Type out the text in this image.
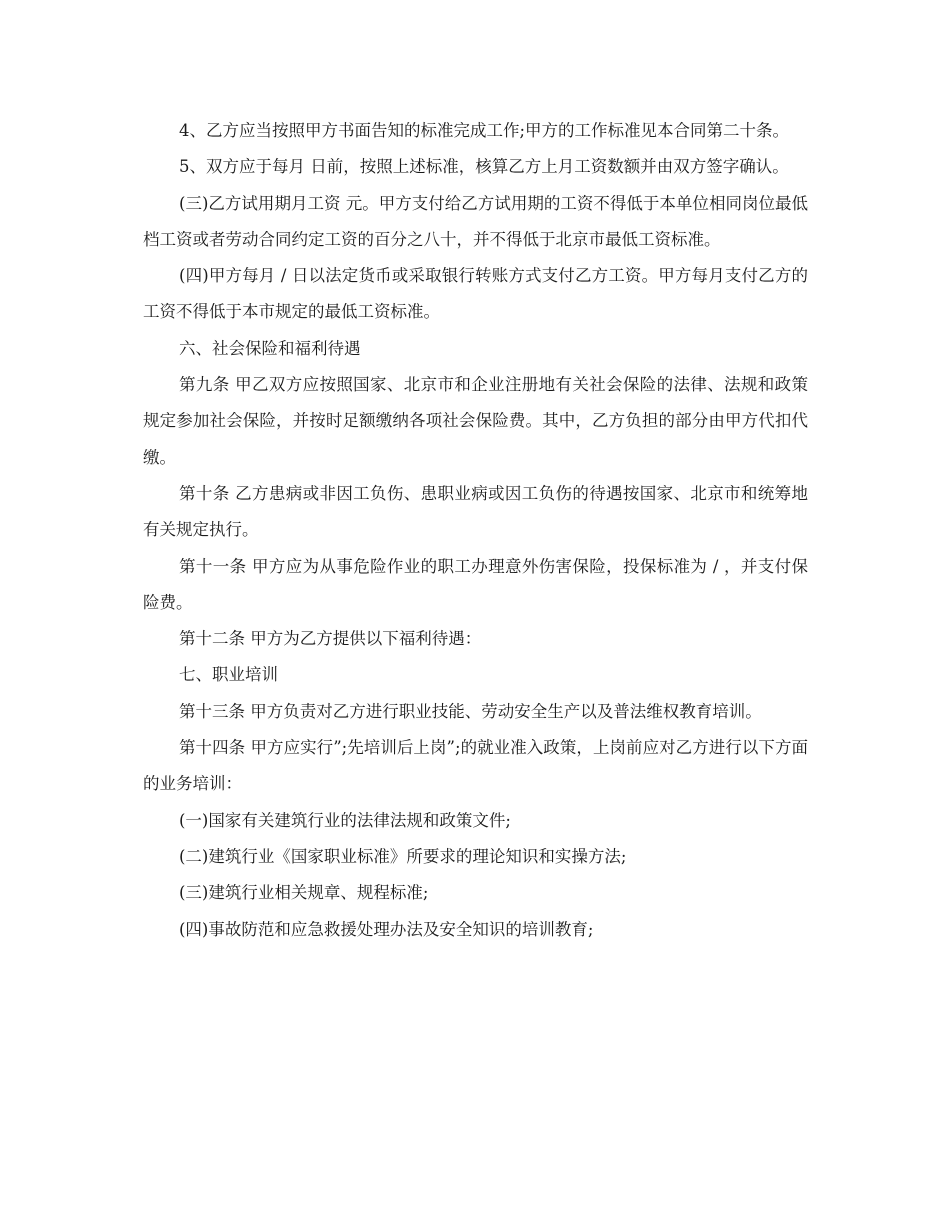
4、乙方应当按照甲方书面告知的标准完成工作;甲方的工作标准见本合同第二十条。

5、双方应于每月 日前，按照上述标准，核算乙方上月工资数额并由双方签字确认。

(三)乙方试用期月工资 元。甲方支付给乙方试用期的工资不得低于本单位相同岗位最低档工资或者劳动合同约定工资的百分之八十，并不得低于北京市最低工资标准。

(四)甲方每月 / 日以法定货币或采取银行转账方式支付乙方工资。甲方每月支付乙方的工资不得低于本市规定的最低工资标准。

六、社会保险和福利待遇

第九条 甲乙双方应按照国家、北京市和企业注册地有关社会保险的法律、法规和政策规定参加社会保险，并按时足额缴纳各项社会保险费。其中，乙方负担的部分由甲方代扣代缴。

第十条 乙方患病或非因工负伤、患职业病或因工负伤的待遇按国家、北京市和统筹地有关规定执行。

第十一条 甲方应为从事危险作业的职工办理意外伤害保险，投保标准为 / ，并支付保险费。

第十二条 甲方为乙方提供以下福利待遇：

七、职业培训

第十三条 甲方负责对乙方进行职业技能、劳动安全生产以及普法维权教育培训。

第十四条 甲方应实行”;先培训后上岗”;的就业准入政策，上岗前应对乙方进行以下方面的业务培训：

(一)国家有关建筑行业的法律法规和政策文件;

(二)建筑行业《国家职业标准》所要求的理论知识和实操方法;

(三)建筑行业相关规章、规程标准;

(四)事故防范和应急救援处理办法及安全知识的培训教育;
